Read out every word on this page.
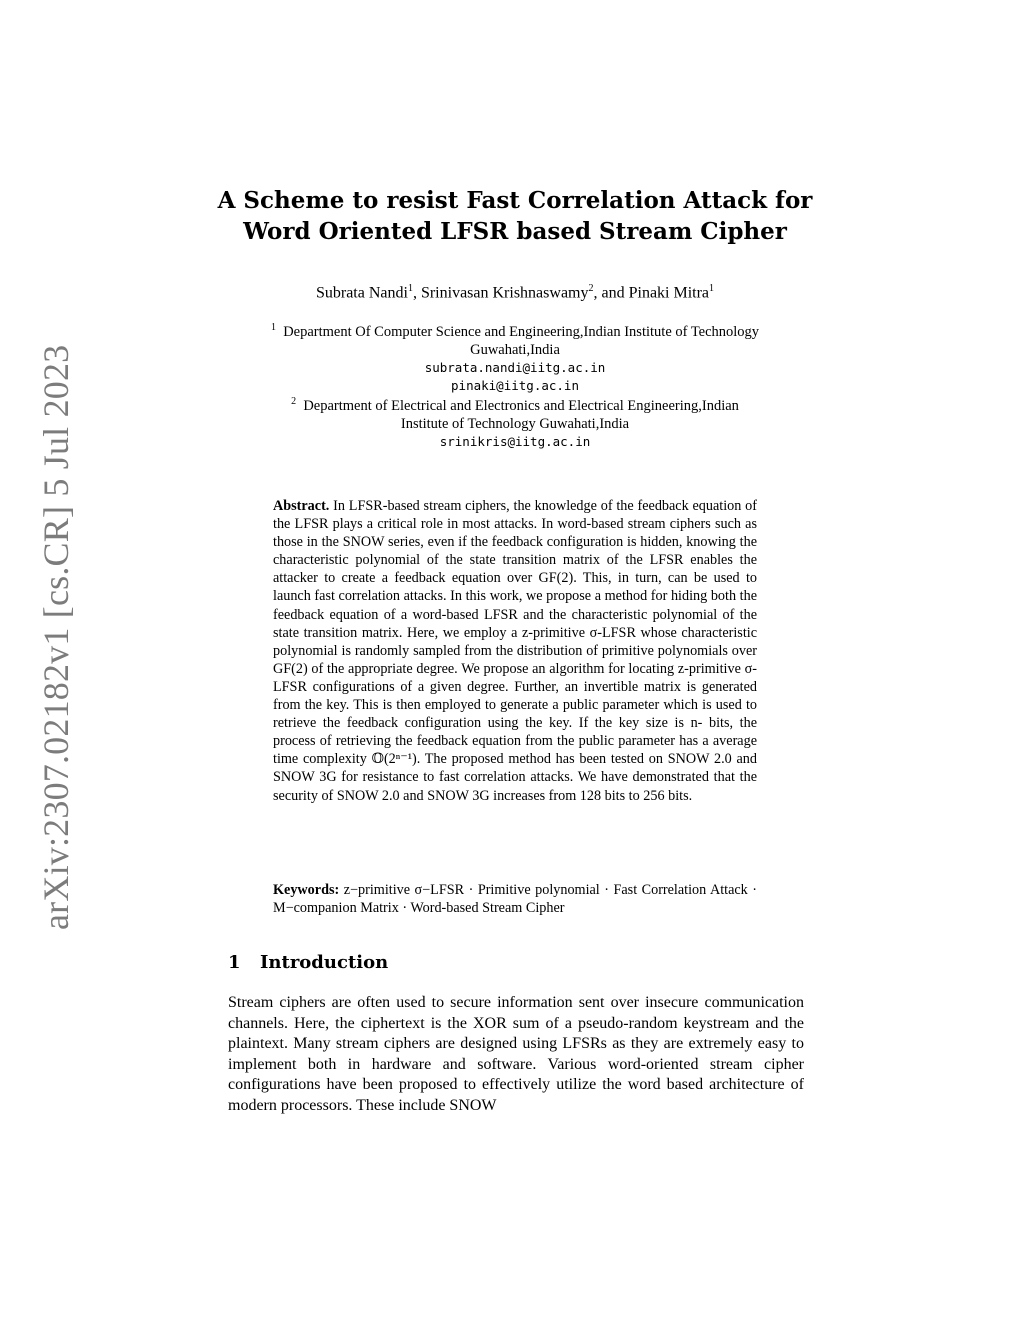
arXiv:2307.02182v1 [cs.CR] 5 Jul 2023
A Scheme to resist Fast Correlation Attack for
Word Oriented LFSR based Stream Cipher
Subrata Nandi$^1$, Srinivasan Krishnaswamy$^2$, and Pinaki Mitra$^1$
$^1$ Department Of Computer Science and Engineering,Indian Institute of Technology
Guwahati,India
subrata.nandi@iitg.ac.in
pinaki@iitg.ac.in
$^2$ Department of Electrical and Electronics and Electrical Engineering,Indian
Institute of Technology Guwahati,India
srinikris@iitg.ac.in
Abstract. In LFSR-based stream ciphers, the knowledge of the feedback equation of the LFSR plays a critical role in most attacks. In word-based stream ciphers such as those in the SNOW series, even if the feedback configuration is hidden, knowing the characteristic polynomial of the state transition matrix of the LFSR enables the attacker to create a feedback equation over GF(2). This, in turn, can be used to launch fast correlation attacks. In this work, we propose a method for hiding both the feedback equation of a word-based LFSR and the characteristic polynomial of the state transition matrix. Here, we employ a z-primitive σ-LFSR whose characteristic polynomial is randomly sampled from the distribution of primitive polynomials over GF(2) of the appropriate degree. We propose an algorithm for locating z-primitive σ-LFSR configurations of a given degree. Further, an invertible matrix is generated from the key. This is then employed to generate a public parameter which is used to retrieve the feedback configuration using the key. If the key size is n- bits, the process of retrieving the feedback equation from the public parameter has a average time complexity 𝕆(2ⁿ⁻¹). The proposed method has been tested on SNOW 2.0 and SNOW 3G for resistance to fast correlation attacks. We have demonstrated that the security of SNOW 2.0 and SNOW 3G increases from 128 bits to 256 bits.
Keywords: z−primitive σ−LFSR · Primitive polynomial · Fast Correlation Attack · M−companion Matrix · Word-based Stream Cipher
1 Introduction
Stream ciphers are often used to secure information sent over insecure communication channels. Here, the ciphertext is the XOR sum of a pseudo-random keystream and the plaintext. Many stream ciphers are designed using LFSRs as they are extremely easy to implement both in hardware and software. Various word-oriented stream cipher configurations have been proposed to effectively utilize the word based architecture of modern processors. These include SNOW
